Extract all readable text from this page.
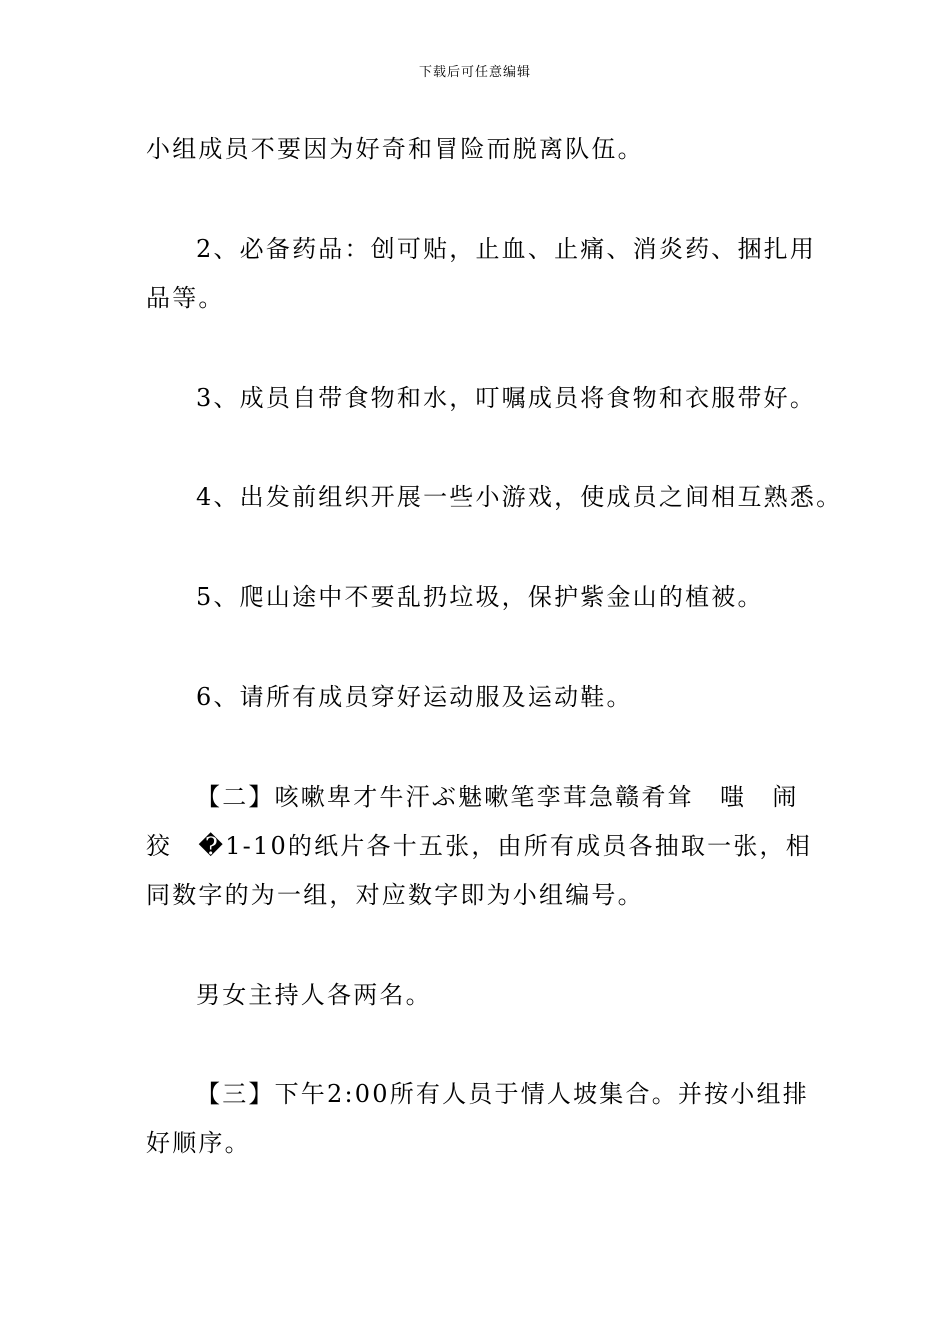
下载后可任意编辑
小组成员不要因为好奇和冒险而脱离队伍。
2、必备药品：创可贴，止血、止痛、消炎药、捆扎用
品等。
3、成员自带食物和水，叮嘱成员将食物和衣服带好。
4、出发前组织开展一些小游戏，使成员之间相互熟悉。
5、爬山途中不要乱扔垃圾，保护紫金山的植被。
6、请所有成员穿好运动服及运动鞋。
【二】咳嗽卑才牛汗ぶ魅嗽笔孪茸急赣肴耸　嗤　闹
狡　�1-10的纸片各十五张，由所有成员各抽取一张，相
同数字的为一组，对应数字即为小组编号。
男女主持人各两名。
【三】下午2:00所有人员于情人坡集合。并按小组排
好顺序。
